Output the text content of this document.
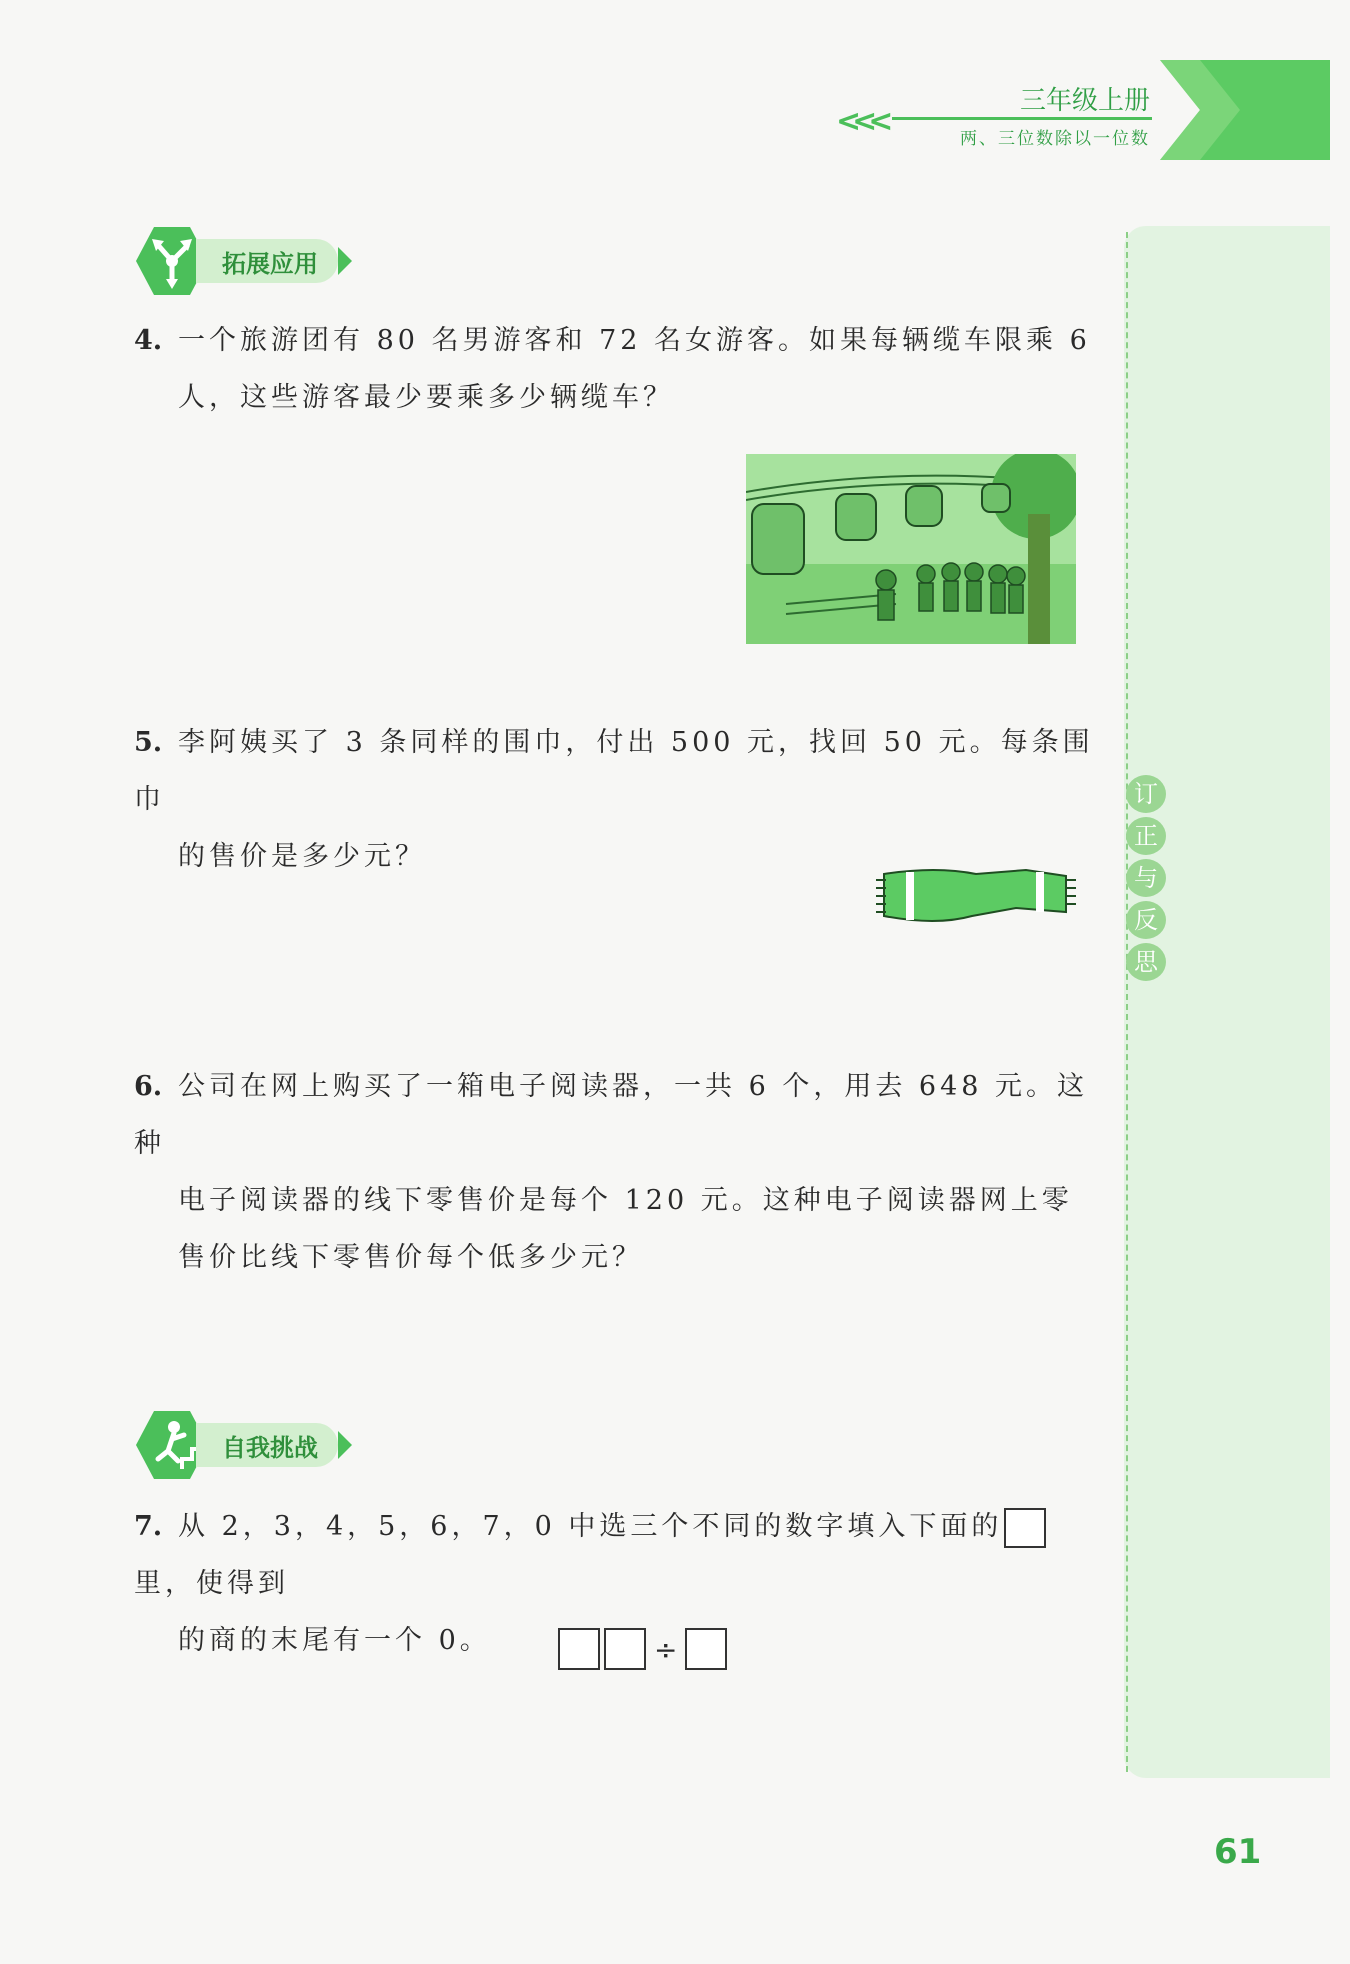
<<<
三年级上册
两、三位数除以一位数
订
正
与
反
思
拓展应用
4. 一个旅游团有 80 名男游客和 72 名女游客。如果每辆缆车限乘 6
人，这些游客最少要乘多少辆缆车？
5. 李阿姨买了 3 条同样的围巾，付出 500 元，找回 50 元。每条围巾
的售价是多少元？
6. 公司在网上购买了一箱电子阅读器，一共 6 个，用去 648 元。这种
电子阅读器的线下零售价是每个 120 元。这种电子阅读器网上零
售价比线下零售价每个低多少元？
自我挑战
7. 从 2，3，4，5，6，7，0 中选三个不同的数字填入下面的里，使得到
的商的末尾有一个 0。	÷
61
